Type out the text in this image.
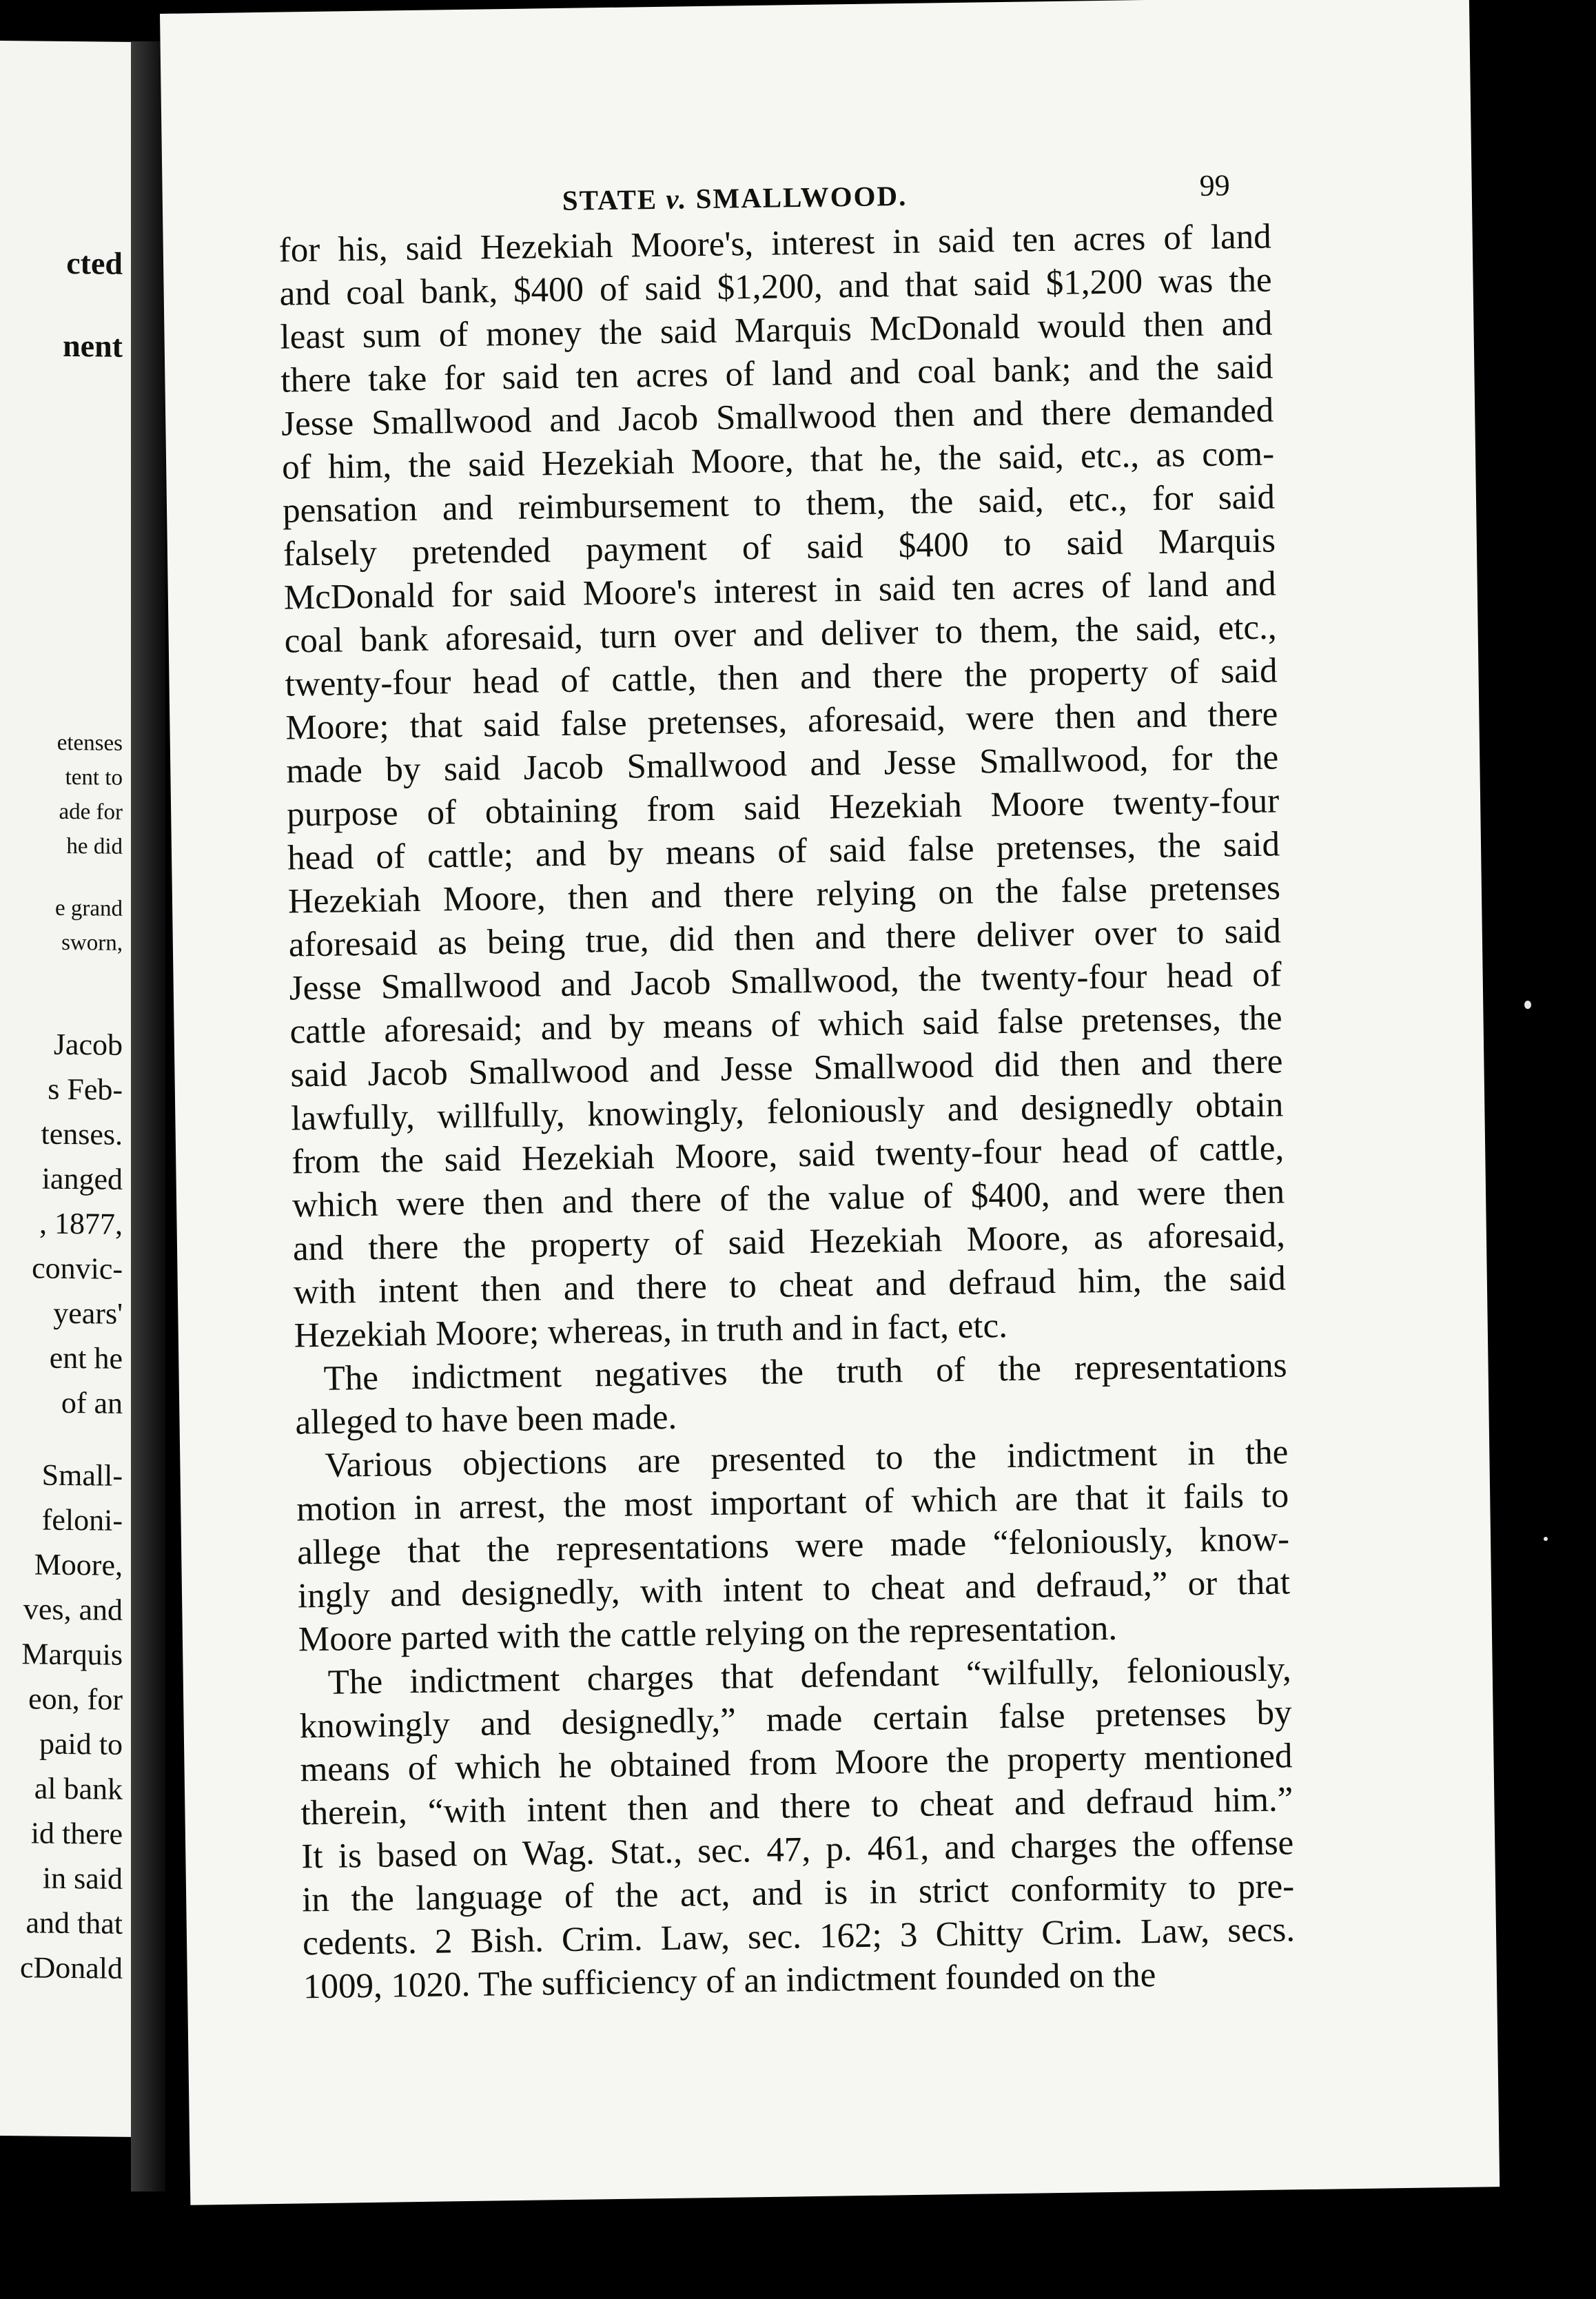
cted
nent
etenses
tent to
ade for
he did
e grand
sworn,
Jacob
s Feb-
tenses.
ianged
, 1877,
convic-
years'
ent he
of an
Small-
feloni-
Moore,
ves, and
Marquis
eon, for
paid to
al bank
id there
in said
and that
cDonald
STATE v. SMALLWOOD.	99
for his, said Hezekiah Moore's, interest in said ten acres of land
and coal bank, $400 of said $1,200, and that said $1,200 was the
least sum of money the said Marquis McDonald would then and
there take for said ten acres of land and coal bank; and the said
Jesse Smallwood and Jacob Smallwood then and there demanded
of him, the said Hezekiah Moore, that he, the said, etc., as com-
pensation and reimbursement to them, the said, etc., for said
falsely pretended payment of said $400 to said Marquis
McDonald for said Moore's interest in said ten acres of land and
coal bank aforesaid, turn over and deliver to them, the said, etc.,
twenty-four head of cattle, then and there the property of said
Moore; that said false pretenses, aforesaid, were then and there
made by said Jacob Smallwood and Jesse Smallwood, for the
purpose of obtaining from said Hezekiah Moore twenty-four
head of cattle; and by means of said false pretenses, the said
Hezekiah Moore, then and there relying on the false pretenses
aforesaid as being true, did then and there deliver over to said
Jesse Smallwood and Jacob Smallwood, the twenty-four head of
cattle aforesaid; and by means of which said false pretenses, the
said Jacob Smallwood and Jesse Smallwood did then and there
lawfully, willfully, knowingly, feloniously and designedly obtain
from the said Hezekiah Moore, said twenty-four head of cattle,
which were then and there of the value of $400, and were then
and there the property of said Hezekiah Moore, as aforesaid,
with intent then and there to cheat and defraud him, the said
Hezekiah Moore; whereas, in truth and in fact, etc.
The indictment negatives the truth of the representations
alleged to have been made.
Various objections are presented to the indictment in the
motion in arrest, the most important of which are that it fails to
allege that the representations were made “feloniously, know-
ingly and designedly, with intent to cheat and defraud,” or that
Moore parted with the cattle relying on the representation.
The indictment charges that defendant “wilfully, feloniously,
knowingly and designedly,” made certain false pretenses by
means of which he obtained from Moore the property mentioned
therein, “with intent then and there to cheat and defraud him.”
It is based on Wag. Stat., sec. 47, p. 461, and charges the offense
in the language of the act, and is in strict conformity to pre-
cedents. 2 Bish. Crim. Law, sec. 162; 3 Chitty Crim. Law, secs.
1009, 1020. The sufficiency of an indictment founded on the
